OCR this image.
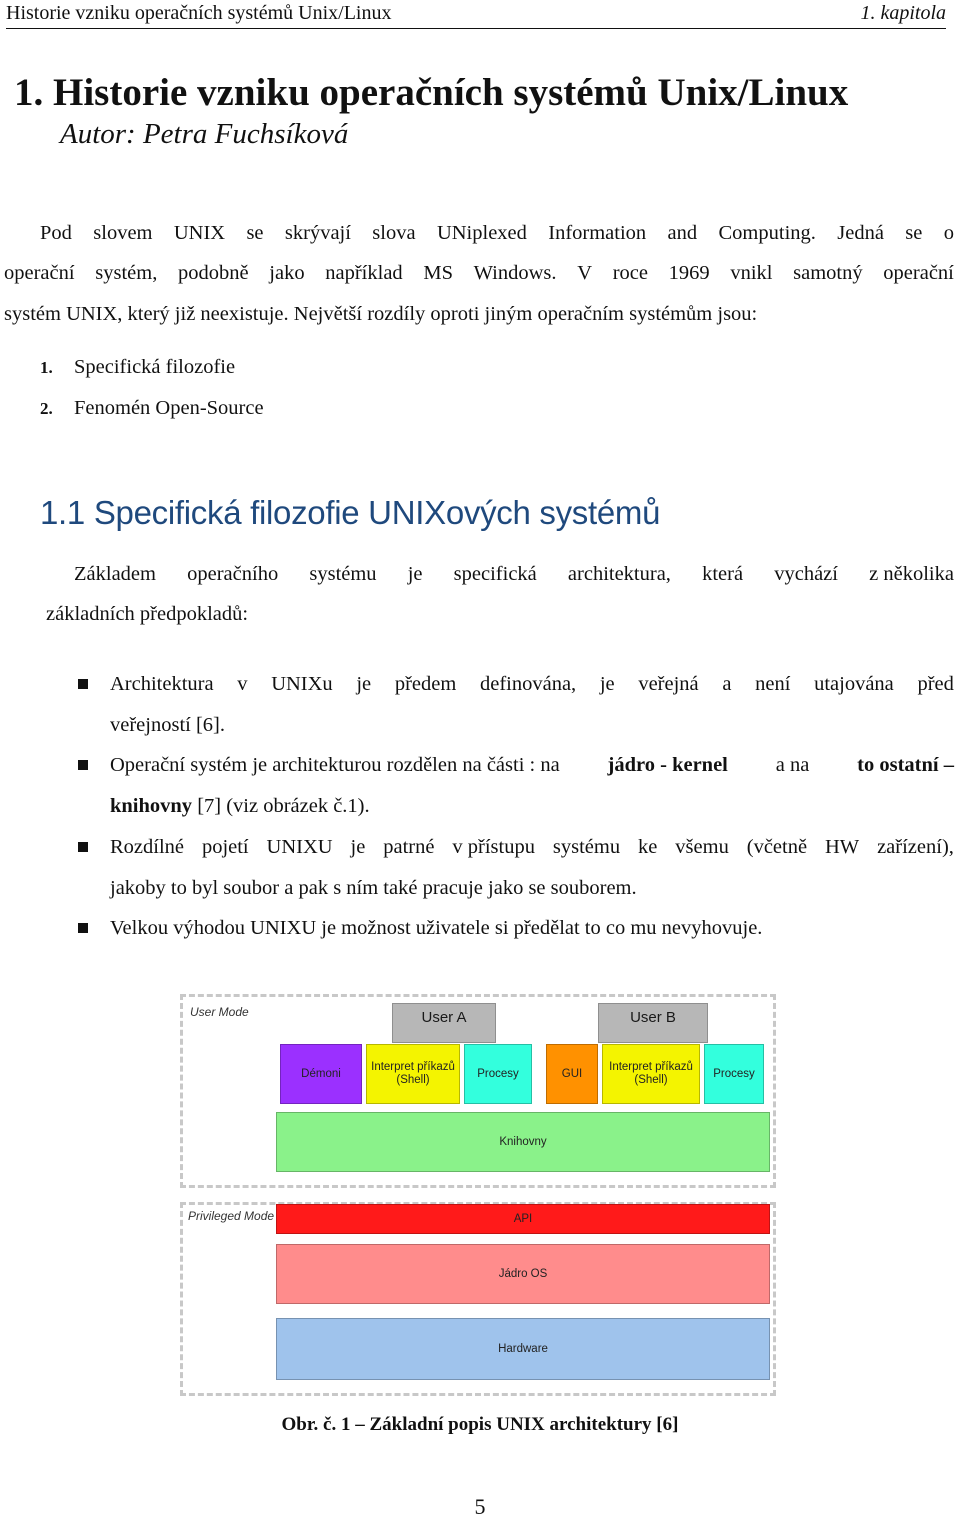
Historie vzniku operačních systémů Unix/Linux	1. kapitola
1. Historie vzniku operačních systémů Unix/Linux
Autor: Petra Fuchsíková
Pod slovem UNIX se skrývají slova UNiplexed Information and Computing. Jedná se o
operační systém, podobně jako například MS Windows. V roce 1969 vnikl samotný operační
systém UNIX, který již neexistuje. Největší rozdíly oproti jiným operačním systémům jsou:
1. Specifická filozofie
2. Fenomén Open-Source
1.1 Specifická filozofie UNIXových systémů
Základem operačního systému je specifická architektura, která vychází z několika
základních předpokladů:
Architektura v UNIXu je předem definována, je veřejná a není utajována před
veřejností [6].
Operační systém je architekturou rozdělen na části : na jádro - kernel a na to ostatní –
knihovny [7] (viz obrázek č.1).
Rozdílné pojetí UNIXU je patrné v přístupu systému ke všemu (včetně HW zařízení),
jakoby to byl soubor a pak s ním také pracuje jako se souborem.
Velkou výhodou UNIXU je možnost uživatele si předělat to co mu nevyhovuje.
User Mode	User A	User B
Démoni
Interpret příkazů (Shell)
Procesy	GUI
Interpret příkazů (Shell)
Procesy
Knihovny
Privileged Mode	API
Jádro OS
Hardware
Obr. č. 1 – Základní popis UNIX architektury [6]
5
